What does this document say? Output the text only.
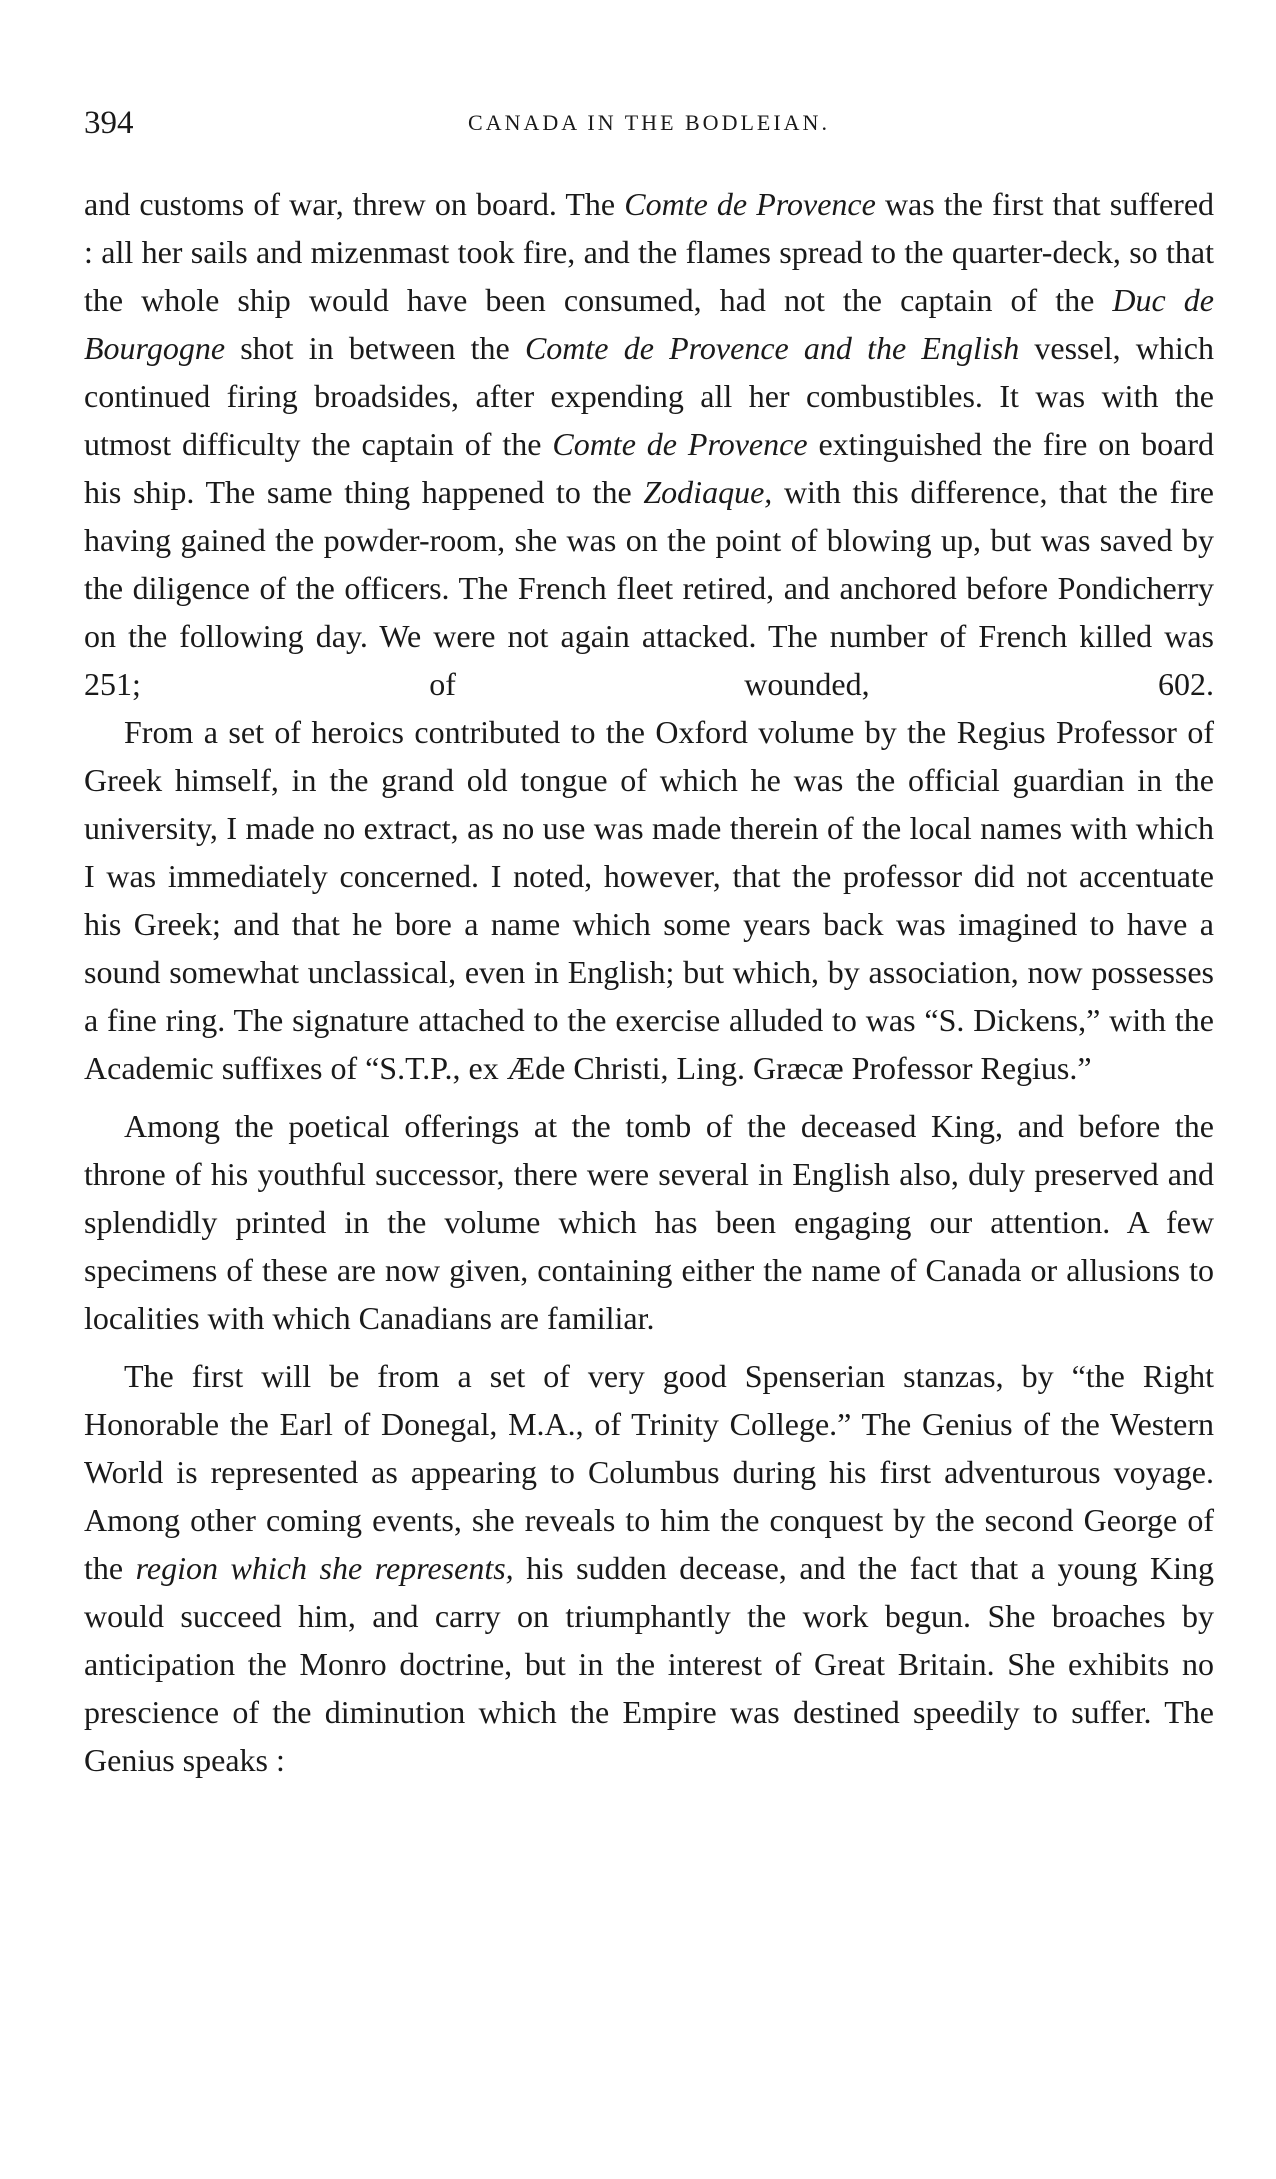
394	CANADA IN THE BODLEIAN.

and customs of war, threw on board. The Comte de Provence was the first that suffered : all her sails and mizenmast took fire, and the flames spread to the quarter-deck, so that the whole ship would have been consumed, had not the captain of the Duc de Bourgogne shot in between the Comte de Provence and the English vessel, which continued firing broadsides, after expending all her combustibles. It was with the utmost difficulty the captain of the Comte de Provence extinguished the fire on board his ship. The same thing happened to the Zodiaque, with this difference, that the fire having gained the powder-room, she was on the point of blowing up, but was saved by the diligence of the officers. The French fleet retired, and anchored before Pondicherry on the following day. We were not again attacked. The number of French killed was 251; of wounded, 602.

From a set of heroics contributed to the Oxford volume by the Regius Professor of Greek himself, in the grand old tongue of which he was the official guardian in the university, I made no extract, as no use was made therein of the local names with which I was immediately concerned. I noted, however, that the professor did not accentuate his Greek; and that he bore a name which some years back was imagined to have a sound somewhat unclassical, even in English; but which, by association, now possesses a fine ring. The signature attached to the exercise alluded to was “S. Dickens,” with the Academic suffixes of “S.T.P., ex Æde Christi, Ling. Græcæ Professor Regius.”

Among the poetical offerings at the tomb of the deceased King, and before the throne of his youthful successor, there were several in English also, duly preserved and splendidly printed in the volume which has been engaging our attention. A few specimens of these are now given, containing either the name of Canada or allusions to localities with which Canadians are familiar.

The first will be from a set of very good Spenserian stanzas, by “the Right Honorable the Earl of Donegal, M.A., of Trinity College.” The Genius of the Western World is represented as appearing to Columbus during his first adventurous voyage. Among other coming events, she reveals to him the conquest by the second George of the region which she represents, his sudden decease, and the fact that a young King would succeed him, and carry on triumphantly the work begun. She broaches by anticipation the Monro doctrine, but in the interest of Great Britain. She exhibits no prescience of the diminution which the Empire was destined speedily to suffer. The Genius speaks :
